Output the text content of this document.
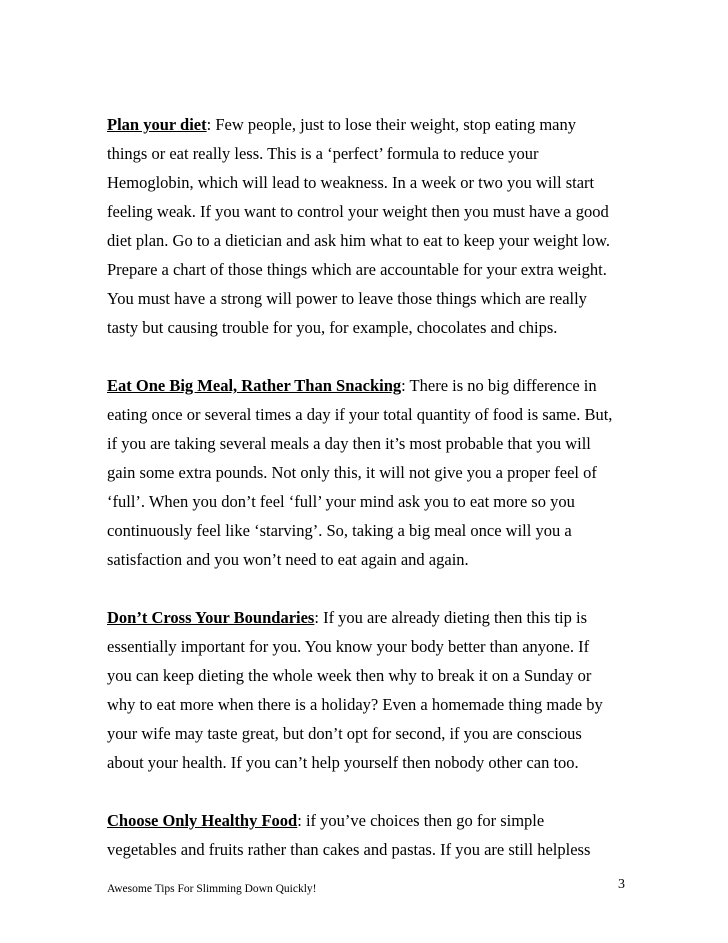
Plan your diet: Few people, just to lose their weight, stop eating many
things or eat really less. This is a ‘perfect’ formula to reduce your
Hemoglobin, which will lead to weakness. In a week or two you will start
feeling weak. If you want to control your weight then you must have a good
diet plan. Go to a dietician and ask him what to eat to keep your weight low.
Prepare a chart of those things which are accountable for your extra weight.
You must have a strong will power to leave those things which are really
tasty but causing trouble for you, for example, chocolates and chips.

Eat One Big Meal, Rather Than Snacking: There is no big difference in
eating once or several times a day if your total quantity of food is same. But,
if you are taking several meals a day then it’s most probable that you will
gain some extra pounds. Not only this, it will not give you a proper feel of
‘full’. When you don’t feel ‘full’ your mind ask you to eat more so you
continuously feel like ‘starving’. So, taking a big meal once will you a
satisfaction and you won’t need to eat again and again.

Don’t Cross Your Boundaries: If you are already dieting then this tip is
essentially important for you. You know your body better than anyone. If
you can keep dieting the whole week then why to break it on a Sunday or
why to eat more when there is a holiday? Even a homemade thing made by
your wife may taste great, but don’t opt for second, if you are conscious
about your health. If you can’t help yourself then nobody other can too.

Choose Only Healthy Food: if you’ve choices then go for simple
vegetables and fruits rather than cakes and pastas. If you are still helpless

Awesome Tips For Slimming Down Quickly!	3
